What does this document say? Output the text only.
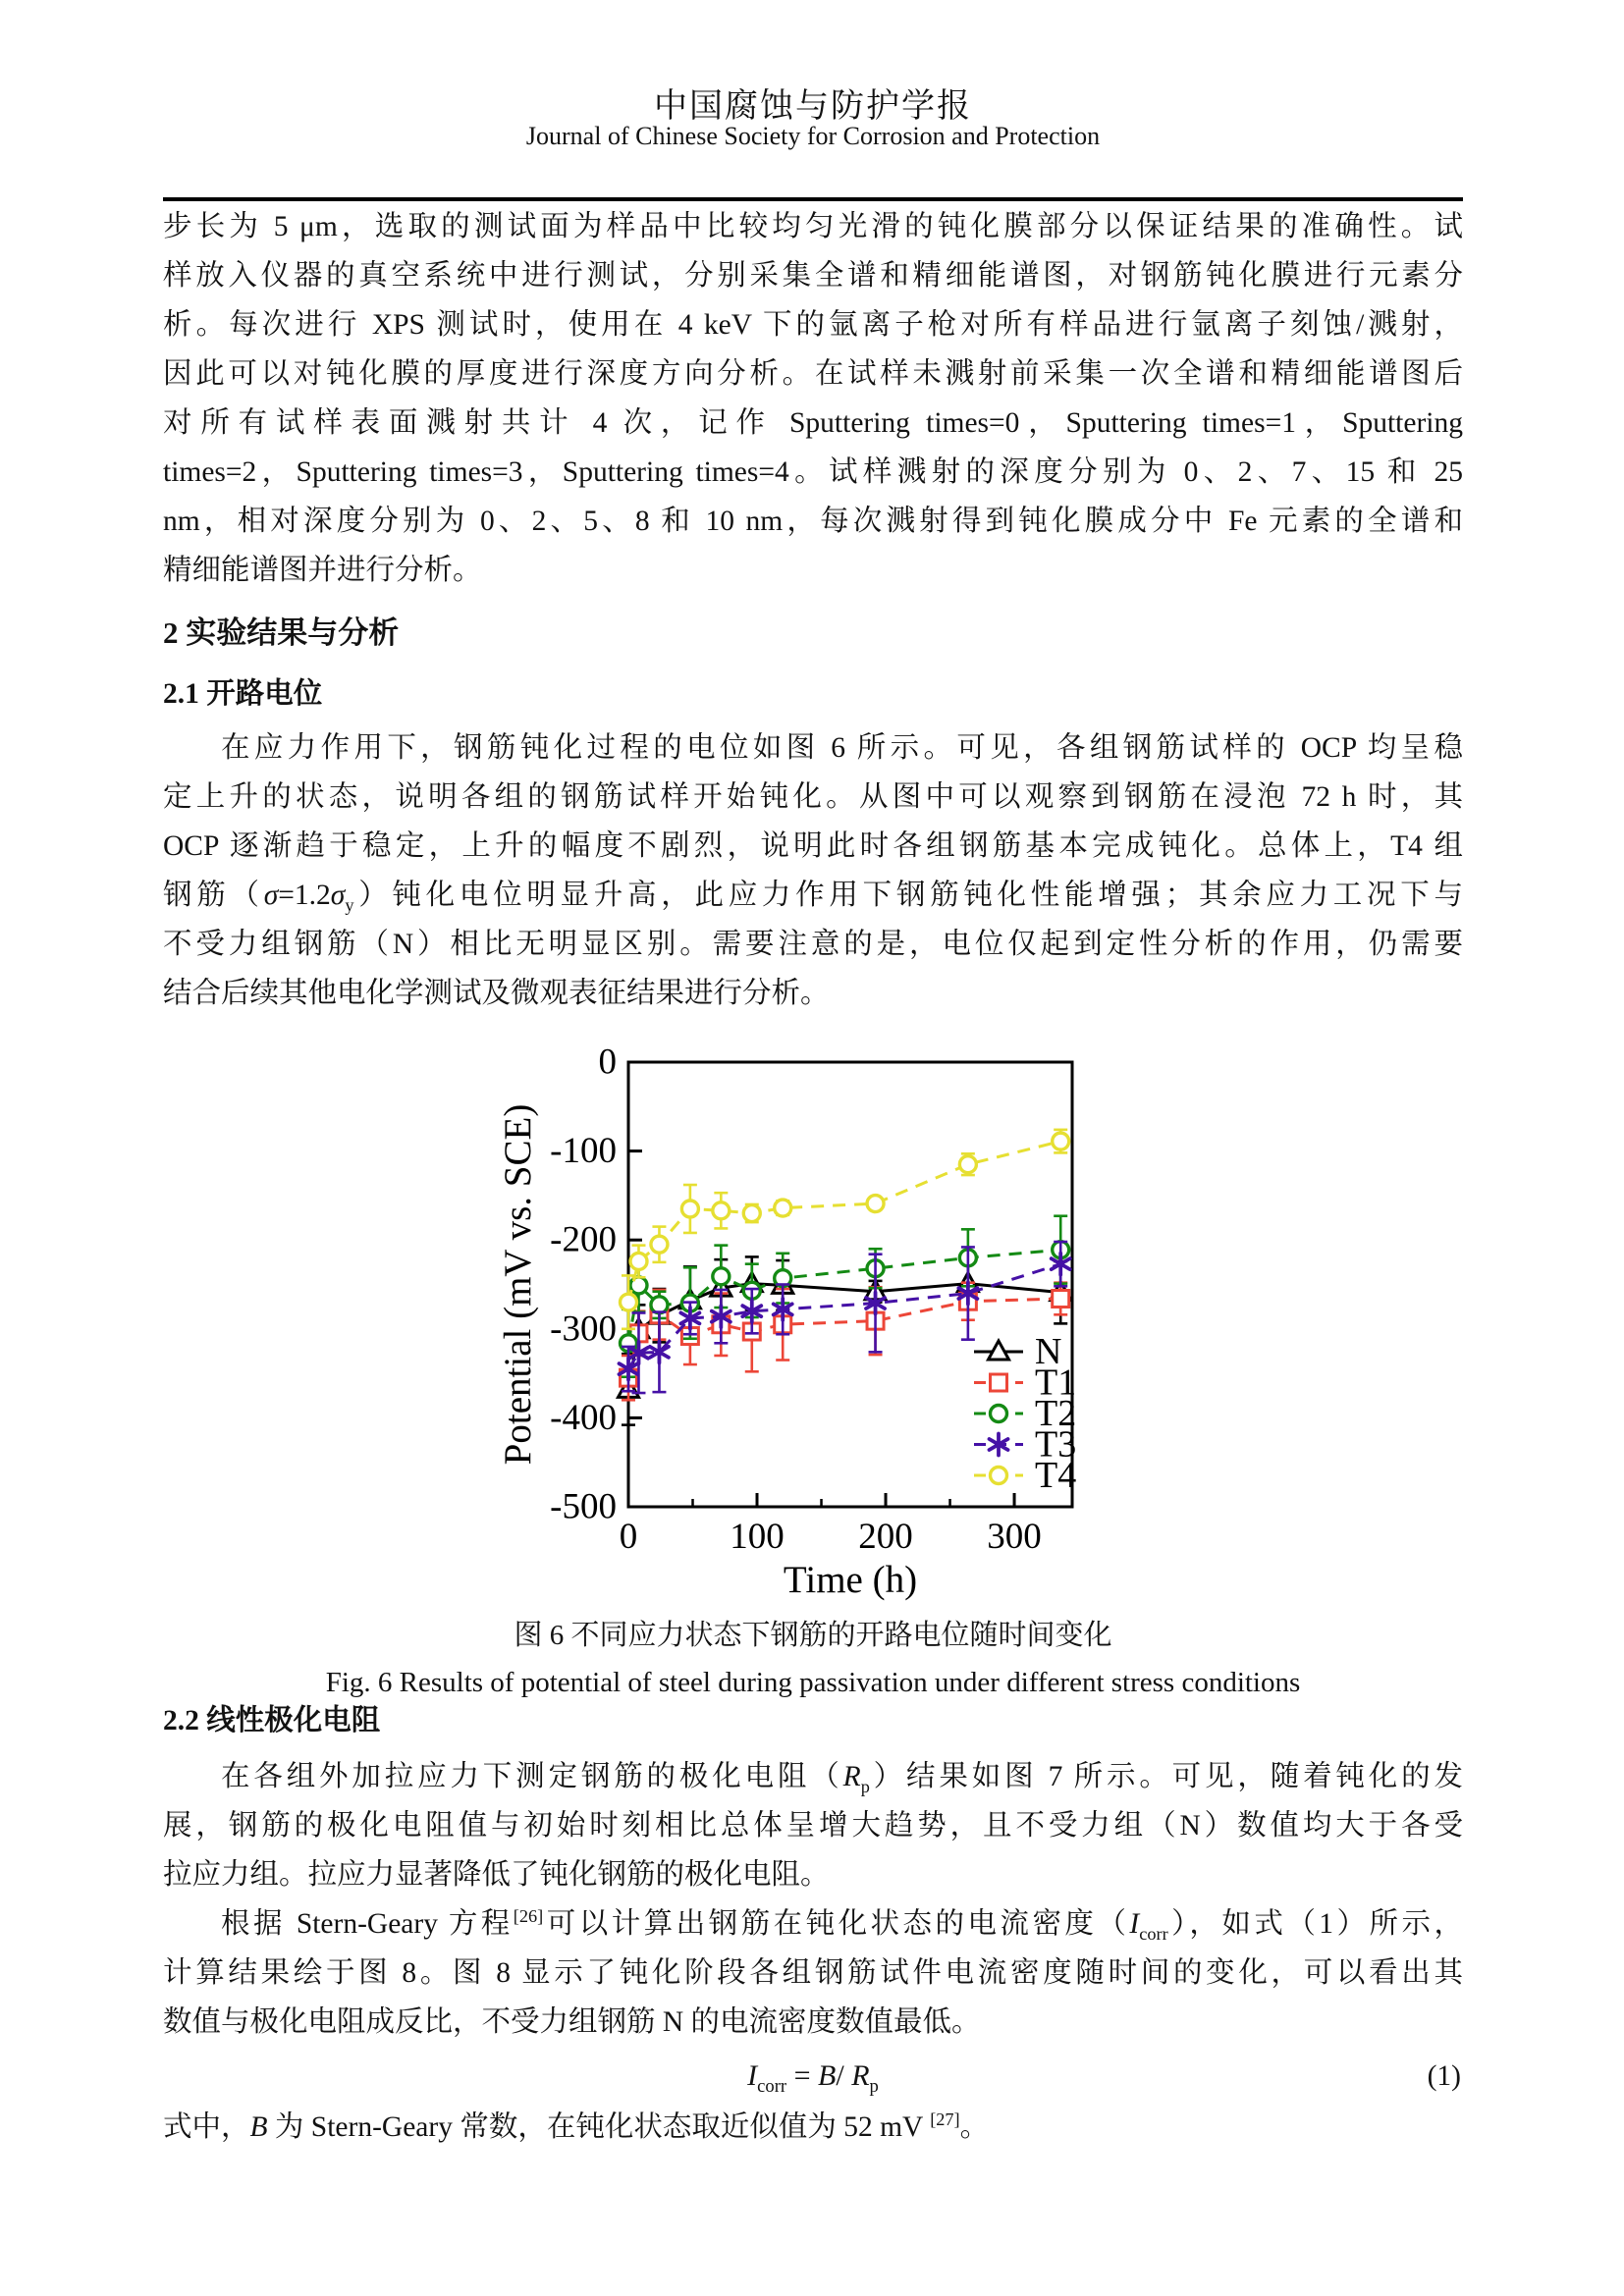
中国腐蚀与防护学报
Journal of Chinese Society for Corrosion and Protection
步长为 5 μm，选取的测试面为样品中比较均匀光滑的钝化膜部分以保证结果的准确性。试
样放入仪器的真空系统中进行测试，分别采集全谱和精细能谱图，对钢筋钝化膜进行元素分
析。每次进行 XPS 测试时，使用在 4 keV 下的氩离子枪对所有样品进行氩离子刻蚀/溅射，
因此可以对钝化膜的厚度进行深度方向分析。在试样未溅射前采集一次全谱和精细能谱图后
对所有试样表面溅射共计 4 次，记作 Sputtering times=0，Sputtering times=1，Sputtering
times=2，Sputtering times=3，Sputtering times=4。试样溅射的深度分别为 0、2、7、15 和 25
nm，相对深度分别为 0、2、5、8 和 10 nm，每次溅射得到钝化膜成分中 Fe 元素的全谱和
精细能谱图并进行分析。
2 实验结果与分析
2.1 开路电位
在应力作用下，钢筋钝化过程的电位如图 6 所示。可见，各组钢筋试样的 OCP 均呈稳
定上升的状态，说明各组的钢筋试样开始钝化。从图中可以观察到钢筋在浸泡 72 h 时，其
OCP 逐渐趋于稳定，上升的幅度不剧烈，说明此时各组钢筋基本完成钝化。总体上，T4 组
钢筋$(\sigma=1.2\sigma_y)$钝化电位明显升高，此应力作用下钢筋钝化性能增强；其余应力工况下与
不受力组钢筋（N）相比无明显区别。需要注意的是，电位仅起到定性分析的作用，仍需要
结合后续其他电化学测试及微观表征结果进行分析。
0
-100
-200
-300
-400
-500
0	100 200 300
Time (h)
Potential (mV vs. SCE)	N
T1
T2
T3
T4
图 6 不同应力状态下钢筋的开路电位随时间变化
Fig. 6 Results of potential of steel during passivation under different stress conditions
2.2 线性极化电阻
在各组外加拉应力下测定钢筋的极化电阻$(R_p)$结果如图 7 所示。可见，随着钝化的发
展，钢筋的极化电阻值与初始时刻相比总体呈增大趋势，且不受力组（N）数值均大于各受
拉应力组。拉应力显著降低了钝化钢筋的极化电阻。
根据 Stern-Geary 方程[26]可以计算出钢筋在钝化状态的电流密度$(I_{corr})$，如式（1）所示，
计算结果绘于图 8。图 8 显示了钝化阶段各组钢筋试件电流密度随时间的变化，可以看出其
数值与极化电阻成反比，不受力组钢筋 N 的电流密度数值最低。
$I_{corr} = B/$ $R_p$	(1)
式中，B 为 Stern-Geary 常数，在钝化状态取近似值为 52 mV [27]。
